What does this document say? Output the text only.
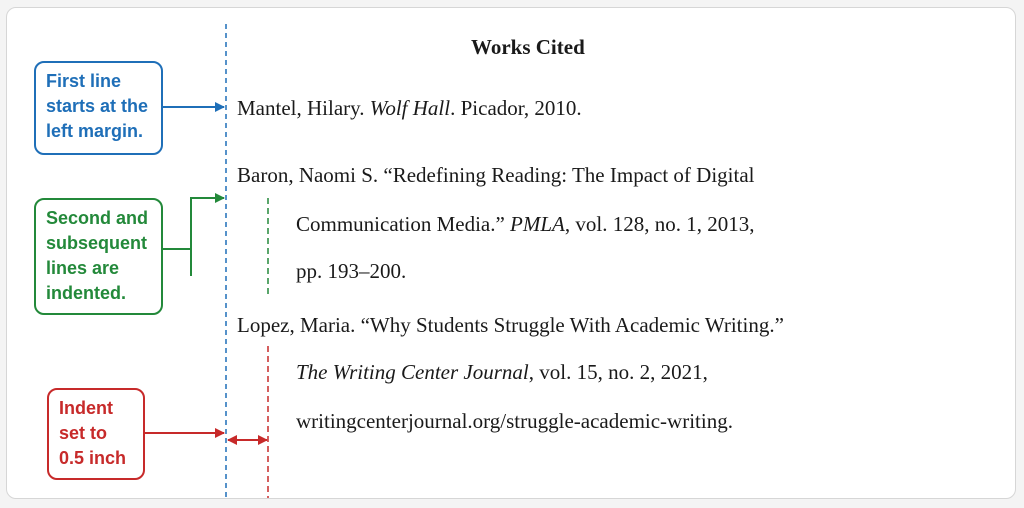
Works Cited
Mantel, Hilary. Wolf Hall. Picador, 2010.
Baron, Naomi S. “Redefining Reading: The Impact of Digital
Communication Media.” PMLA, vol. 128, no. 1, 2013,
pp. 193–200.
Lopez, Maria. “Why Students Struggle With Academic Writing.”
The Writing Center Journal, vol. 15, no. 2, 2021,
writingcenterjournal.org/struggle-academic-writing.
First line
starts at the
left margin.
Second and
subsequent
lines are
indented.
Indent
set to
0.5 inch
